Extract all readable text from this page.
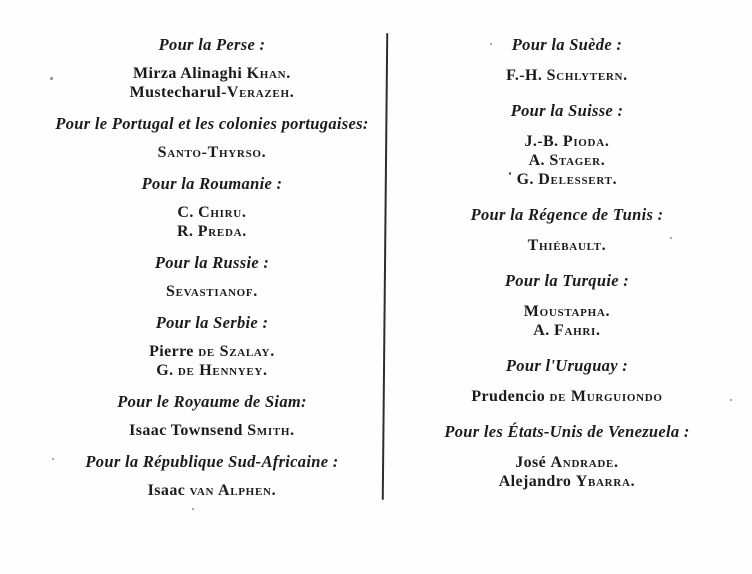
Pour la Perse :
Mirza Alinaghi Khan.
Mustecharul-Verazeh.
Pour le Portugal et les colonies portugaises:
Santo-Thyrso.
Pour la Roumanie :
C. Chiru.
R. Preda.
Pour la Russie :
Sevastianof.
Pour la Serbie :
Pierre de Szalay.
G. de Hennyey.
Pour le Royaume de Siam:
Isaac Townsend Smith.
Pour la République Sud-Africaine :
Isaac van Alphen.
Pour la Suède :
F.-H. Schlytern.
Pour la Suisse :
J.-B. Pioda.
A. Stager.
G. Delessert.
Pour la Régence de Tunis :
Thiébault.
Pour la Turquie :
Moustapha.
A. Fahri.
Pour l'Uruguay :
Prudencio de Murguiondo
Pour les États-Unis de Venezuela :
José Andrade.
Alejandro Ybarra.
